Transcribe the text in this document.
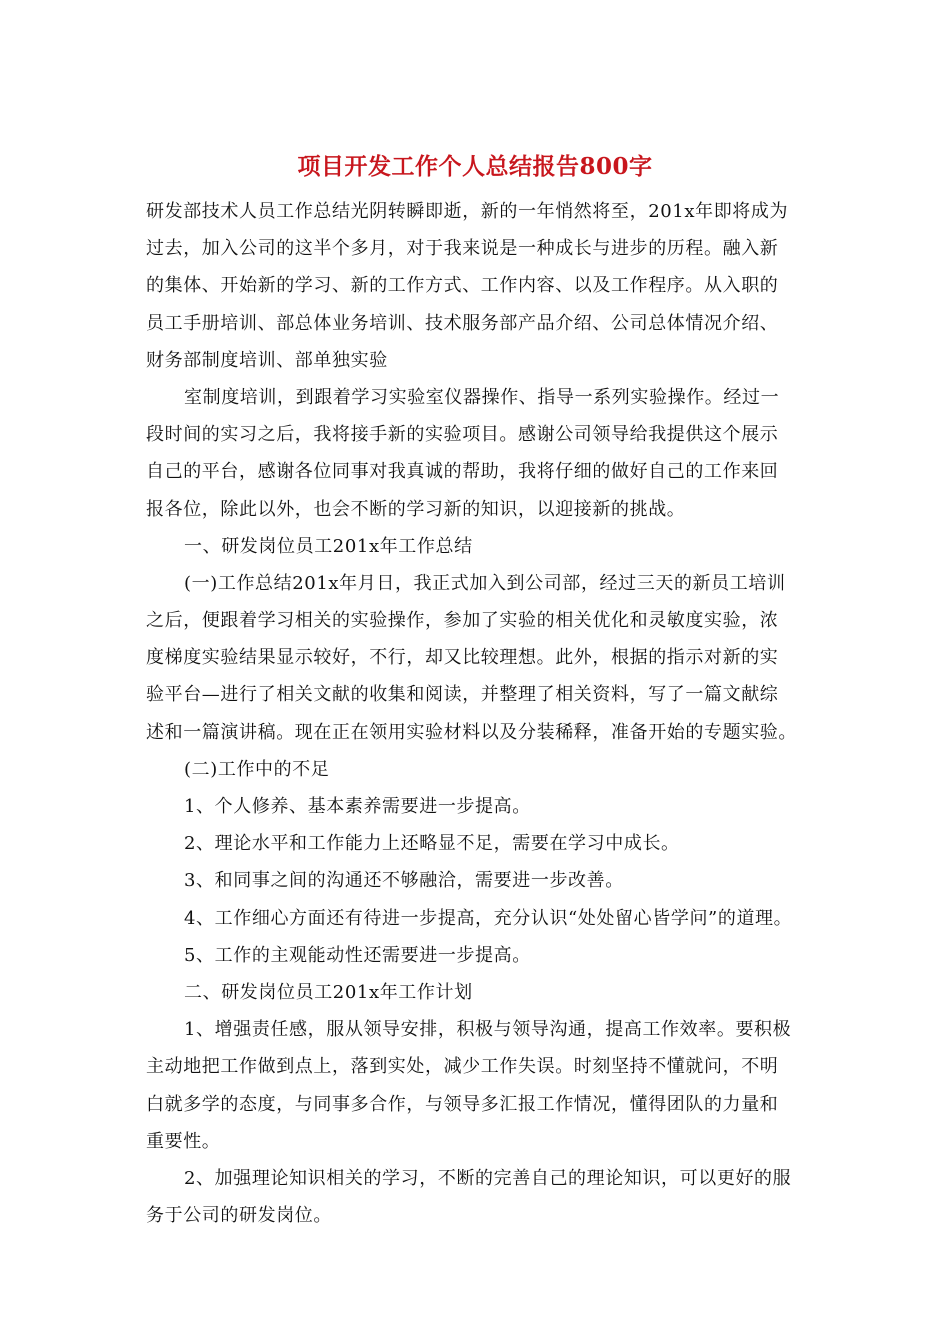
项目开发工作个人总结报告800字
研发部技术人员工作总结光阴转瞬即逝，新的一年悄然将至，201x年即将成为
过去，加入公司的这半个多月，对于我来说是一种成长与进步的历程。融入新
的集体、开始新的学习、新的工作方式、工作内容、以及工作程序。从入职的
员工手册培训、部总体业务培训、技术服务部产品介绍、公司总体情况介绍、
财务部制度培训、部单独实验
室制度培训，到跟着学习实验室仪器操作、指导一系列实验操作。经过一
段时间的实习之后，我将接手新的实验项目。感谢公司领导给我提供这个展示
自己的平台，感谢各位同事对我真诚的帮助，我将仔细的做好自己的工作来回
报各位，除此以外，也会不断的学习新的知识，以迎接新的挑战。
一、研发岗位员工201x年工作总结
(一)工作总结201x年月日，我正式加入到公司部，经过三天的新员工培训
之后，便跟着学习相关的实验操作，参加了实验的相关优化和灵敏度实验，浓
度梯度实验结果显示较好，不行，却又比较理想。此外，根据的指示对新的实
验平台—进行了相关文献的收集和阅读，并整理了相关资料，写了一篇文献综
述和一篇演讲稿。现在正在领用实验材料以及分装稀释，准备开始的专题实验。
(二)工作中的不足
1、个人修养、基本素养需要进一步提高。
2、理论水平和工作能力上还略显不足，需要在学习中成长。
3、和同事之间的沟通还不够融洽，需要进一步改善。
4、工作细心方面还有待进一步提高，充分认识“处处留心皆学问”的道理。
5、工作的主观能动性还需要进一步提高。
二、研发岗位员工201x年工作计划
1、增强责任感，服从领导安排，积极与领导沟通，提高工作效率。要积极
主动地把工作做到点上，落到实处，减少工作失误。时刻坚持不懂就问，不明
白就多学的态度，与同事多合作，与领导多汇报工作情况，懂得团队的力量和
重要性。
2、加强理论知识相关的学习，不断的完善自己的理论知识，可以更好的服
务于公司的研发岗位。
